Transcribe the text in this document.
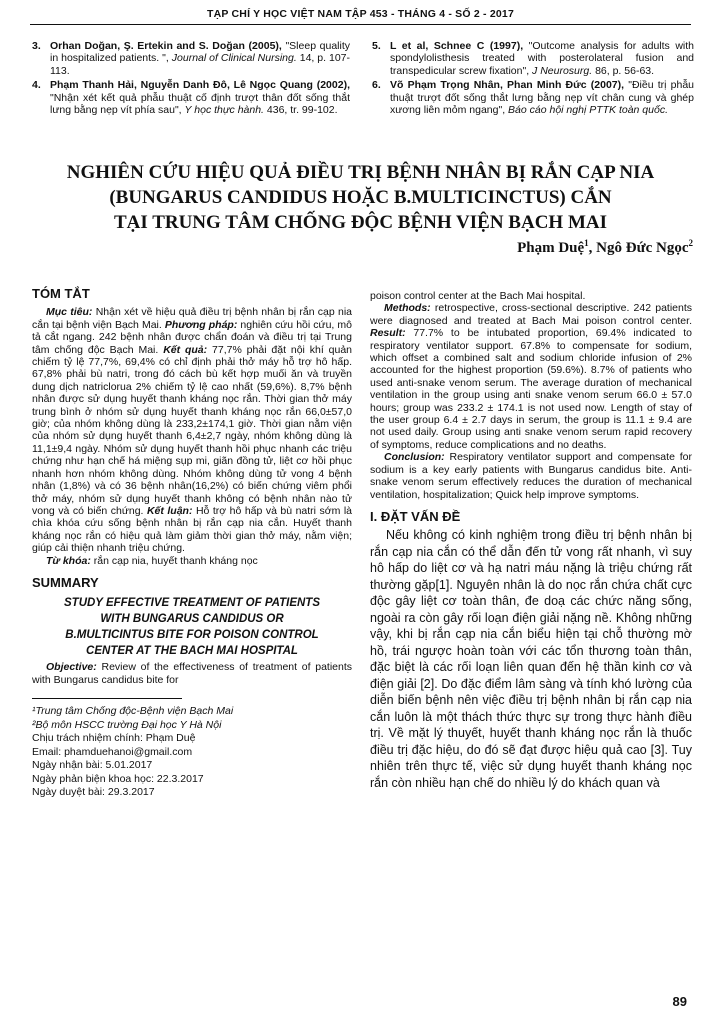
TẠP CHÍ Y HỌC VIỆT NAM TẬP 453 - THÁNG 4 - SỐ 2 - 2017
3. Orhan Doğan, Ş. Ertekin and S. Doğan (2005), "Sleep quality in hospitalized patients. ", Journal of Clinical Nursing. 14, p. 107-113.
4. Phạm Thanh Hải, Nguyễn Danh Đô, Lê Ngọc Quang (2002), "Nhận xét kết quả phẫu thuật cố định trượt thân đốt sống thắt lưng bằng nẹp vít phía sau", Y học thực hành. 436, tr. 99-102.
5. L et al, Schnee C (1997), "Outcome analysis for adults with spondylolisthesis treated with posterolateral fusion and transpedicular screw fixation", J Neurosurg. 86, p. 56-63.
6. Võ Phạm Trọng Nhân, Phan Minh Đức (2007), "Điều trị phẫu thuật trượt đốt sống thắt lưng bằng nẹp vít chân cung và ghép xương liên mỏm ngang", Báo cáo hội nghị PTTK toàn quốc.
NGHIÊN CỨU HIỆU QUẢ ĐIỀU TRỊ BỆNH NHÂN BỊ RẮN CẠP NIA
(BUNGARUS CANDIDUS HOẶC B.MULTICINCTUS) CẮN
TẠI TRUNG TÂM CHỐNG ĐỘC BỆNH VIỆN BẠCH MAI
Phạm Duệ$^1$, Ngô Đức Ngọc$^2$
TÓM TẮT

Mục tiêu: Nhận xét về hiệu quả điều trị bệnh nhân bị rắn cạp nia cắn tại bệnh viện Bạch Mai. Phương pháp: nghiên cứu hồi cứu, mô tả cắt ngang. 242 bệnh nhân được chẩn đoán và điều trị tại Trung tâm chống độc Bạch Mai. Kết quả: 77,7% phải đặt nội khí quản chiếm tỷ lệ 77,7%, 69,4% có chỉ định phải thở máy hỗ trợ hô hấp. 67,8% phải bù natri, trong đó cách bù kết hợp muối ăn và truyền dung dịch natriclorua 2% chiếm tỷ lệ cao nhất (59,6%). 8,7% bệnh nhân được sử dụng huyết thanh kháng nọc rắn. Thời gian thở máy trung bình ở nhóm sử dụng huyết thanh kháng nọc rắn 66,0±57,0 giờ; của nhóm không dùng là 233,2±174,1 giờ. Thời gian nằm viện của nhóm sử dụng huyết thanh 6,4±2,7 ngày, nhóm không dùng là 11,1±9,4 ngày. Nhóm sử dụng huyết thanh hồi phục nhanh các triệu chứng như hạn chế há miệng sụp mi, giãn đồng tử, liệt cơ hồi phục nhanh hơn nhóm không dùng. Nhóm không dùng tử vong 4 bệnh nhân (1,8%) và có 36 bệnh nhân(16,2%) có biến chứng viêm phổi thở máy, nhóm sử dụng huyết thanh không có bệnh nhân nào tử vong và có biến chứng. Kết luận: Hỗ trợ hô hấp và bù natri sớm là chìa khóa cứu sống bệnh nhân bị rắn cạp nia cắn. Huyết thanh kháng nọc rắn có hiệu quả làm giảm thời gian thở máy, nằm viện; giúp cải thiện nhanh triệu chứng.

Từ khóa: rắn cạp nia, huyết thanh kháng nọc

SUMMARY
STUDY EFFECTIVE TREATMENT OF PATIENTS
WITH BUNGARUS CANDIDUS OR
B.MULTICINTUS BITE FOR POISON CONTROL
CENTER AT THE BACH MAI HOSPITAL

Objective: Review of the effectiveness of treatment of patients with Bungarus candidus bite for

¹Trung tâm Chống độc-Bệnh viện Bạch Mai
²Bộ môn HSCC trường Đại học Y Hà Nội
Chịu trách nhiệm chính: Phạm Duệ
Email: phamduehanoi@gmail.com
Ngày nhận bài: 5.01.2017
Ngày phản biện khoa học: 22.3.2017
Ngày duyệt bài: 29.3.2017

poison control center at the Bach Mai hospital.

Methods: retrospective, cross-sectional descriptive. 242 patients were diagnosed and treated at Bach Mai poison control center. Result: 77.7% to be intubated proportion, 69.4% indicated to respiratory ventilator support. 67.8% to compensate for sodium, which offset a combined salt and sodium chloride infusion of 2% accounted for the highest proportion (59.6%). 8.7% of patients who used anti-snake venom serum. The average duration of mechanical ventilation in the group using anti snake venom serum 66.0 ± 57.0 hours; group was 233.2 ± 174.1 is not used now. Length of stay of the user group 6.4 ± 2.7 days in serum, the group is 11.1 ± 9.4 are not used daily. Group using anti snake venom serum rapid recovery of symptoms, reduce complications and no deaths.

Conclusion: Respiratory ventilator support and compensate for sodium is a key early patients with Bungarus candidus bite. Anti-snake venom serum effectively reduces the duration of mechanical ventilation, hospitalization; Quick help improve symptoms.

I. ĐẶT VẤN ĐỀ

Nếu không có kinh nghiệm trong điều trị bệnh nhân bị rắn cạp nia cắn có thể dẫn đến tử vong rất nhanh, vì suy hô hấp do liệt cơ và hạ natri máu nặng là triệu chứng rất thường gặp[1]. Nguyên nhân là do nọc rắn chứa chất cực độc gây liệt cơ toàn thân, đe doạ các chức năng sống, ngoài ra còn gây rối loạn điện giải nặng nề. Không những vậy, khi bị rắn cạp nia cắn biểu hiện tại chỗ thường mờ hồ, trái ngược hoàn toàn với các tổn thương toàn thân, đặc biệt là các rối loạn liên quan đến hệ thần kinh cơ và điện giải [2]. Do đặc điểm lâm sàng và tính khó lường của diễn biến bệnh nên việc điều trị bệnh nhân bị rắn cạp nia cắn luôn là một thách thức thực sự trong thực hành điều trị. Về mặt lý thuyết, huyết thanh kháng nọc rắn là thuốc điều trị đặc hiệu, do đó sẽ đạt được hiệu quả cao [3]. Tuy nhiên trên thực tế, việc sử dụng huyết thanh kháng nọc rắn còn nhiều hạn chế do nhiều lý do khách quan và

89
